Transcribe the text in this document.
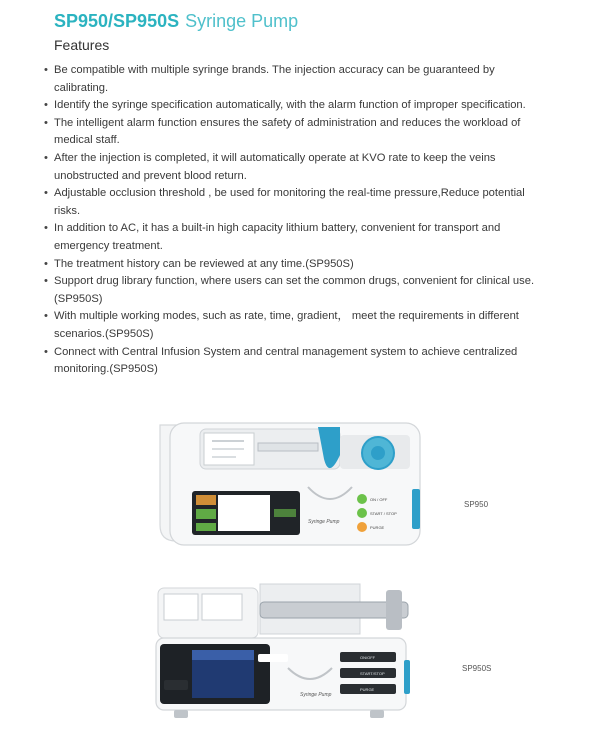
SP950/SP950S Syringe Pump
Features
• Be compatible with multiple syringe brands. The injection accuracy can be guaranteed by calibrating.
• Identify the syringe specification automatically, with the alarm function of improper specification.
• The intelligent alarm function ensures the safety of administration and reduces the workload of medical staff.
• After the injection is completed, it will automatically operate at KVO rate to keep the veins unobstructed and prevent blood return.
• Adjustable occlusion threshold , be used for monitoring the real-time pressure,Reduce potential risks.
• In addition to AC, it has a built-in high capacity lithium battery, convenient for transport and emergency treatment.
• The treatment history can be reviewed at any time.(SP950S)
• Support drug library function, where users can set the common drugs, convenient for clinical use.(SP950S)
• With multiple working modes, such as rate, time, gradient， meet the requirements in different scenarios.(SP950S)
• Connect with Central Infusion System and central management system to achieve centralized monitoring.(SP950S)
Syringe Pump
ON / OFF
START / STOP
PURGE
SP950
Syringe Pump
ON/OFF
START/STOP
PURGE
SP950S
